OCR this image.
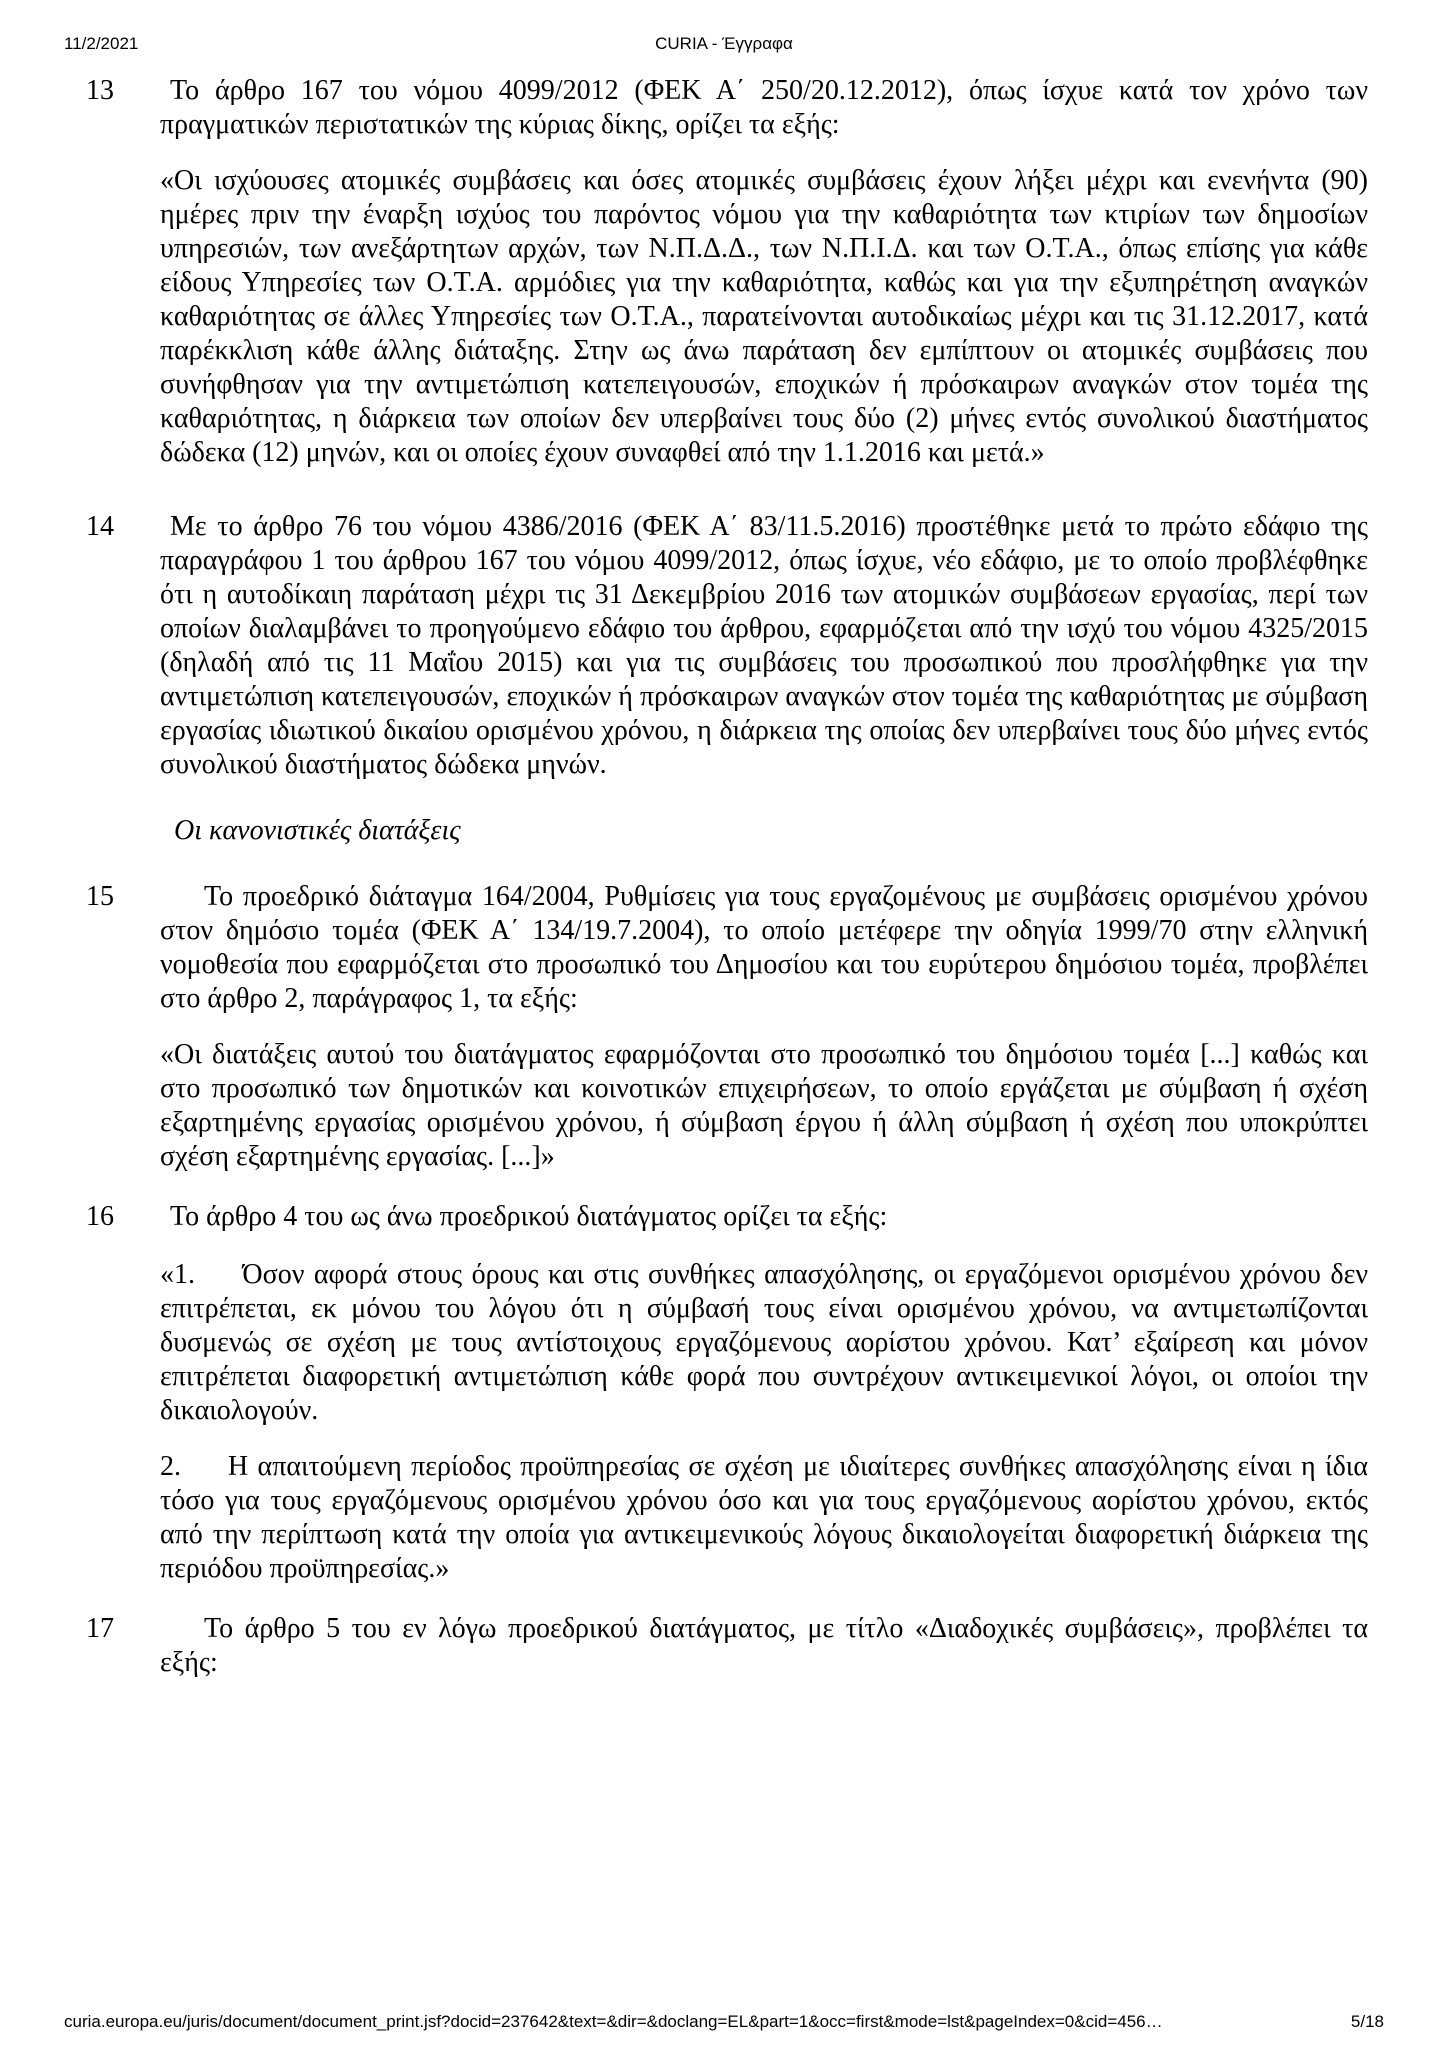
11/2/2021	CURIA - Έγγραφα
13	Το άρθρο 167 του νόμου 4099/2012 (ΦΕΚ Α΄ 250/20.12.2012), όπως ίσχυε κατά τον χρόνο των πραγματικών περιστατικών της κύριας δίκης, ορίζει τα εξής:
«Οι ισχύουσες ατομικές συμβάσεις και όσες ατομικές συμβάσεις έχουν λήξει μέχρι και ενενήντα (90) ημέρες πριν την έναρξη ισχύος του παρόντος νόμου για την καθαριότητα των κτιρίων των δημοσίων υπηρεσιών, των ανεξάρτητων αρχών, των Ν.Π.Δ.Δ., των Ν.Π.Ι.Δ. και των Ο.Τ.Α., όπως επίσης για κάθε είδους Υπηρεσίες των Ο.Τ.Α. αρμόδιες για την καθαριότητα, καθώς και για την εξυπηρέτηση αναγκών καθαριότητας σε άλλες Υπηρεσίες των Ο.Τ.Α., παρατείνονται αυτοδικαίως μέχρι και τις 31.12.2017, κατά παρέκκλιση κάθε άλλης διάταξης. Στην ως άνω παράταση δεν εμπίπτουν οι ατομικές συμβάσεις που συνήφθησαν για την αντιμετώπιση κατεπειγουσών, εποχικών ή πρόσκαιρων αναγκών στον τομέα της καθαριότητας, η διάρκεια των οποίων δεν υπερβαίνει τους δύο (2) μήνες εντός συνολικού διαστήματος δώδεκα (12) μηνών, και οι οποίες έχουν συναφθεί από την 1.1.2016 και μετά.»
14	Με το άρθρο 76 του νόμου 4386/2016 (ΦΕΚ Α΄ 83/11.5.2016) προστέθηκε μετά το πρώτο εδάφιο της παραγράφου 1 του άρθρου 167 του νόμου 4099/2012, όπως ίσχυε, νέο εδάφιο, με το οποίο προβλέφθηκε ότι η αυτοδίκαιη παράταση μέχρι τις 31 Δεκεμβρίου 2016 των ατομικών συμβάσεων εργασίας, περί των οποίων διαλαμβάνει το προηγούμενο εδάφιο του άρθρου, εφαρμόζεται από την ισχύ του νόμου 4325/2015 (δηλαδή από τις 11 Μαΐου 2015) και για τις συμβάσεις του προσωπικού που προσλήφθηκε για την αντιμετώπιση κατεπειγουσών, εποχικών ή πρόσκαιρων αναγκών στον τομέα της καθαριότητας με σύμβαση εργασίας ιδιωτικού δικαίου ορισμένου χρόνου, η διάρκεια της οποίας δεν υπερβαίνει τους δύο μήνες εντός συνολικού διαστήματος δώδεκα μηνών.
Οι κανονιστικές διατάξεις
15	Το προεδρικό διάταγμα 164/2004, Ρυθμίσεις για τους εργαζομένους με συμβάσεις ορισμένου χρόνου στον δημόσιο τομέα (ΦΕΚ Α΄ 134/19.7.2004), το οποίο μετέφερε την οδηγία 1999/70 στην ελληνική νομοθεσία που εφαρμόζεται στο προσωπικό του Δημοσίου και του ευρύτερου δημόσιου τομέα, προβλέπει στο άρθρο 2, παράγραφος 1, τα εξής:
«Οι διατάξεις αυτού του διατάγματος εφαρμόζονται στο προσωπικό του δημόσιου τομέα [...] καθώς και στο προσωπικό των δημοτικών και κοινοτικών επιχειρήσεων, το οποίο εργάζεται με σύμβαση ή σχέση εξαρτημένης εργασίας ορισμένου χρόνου, ή σύμβαση έργου ή άλλη σύμβαση ή σχέση που υποκρύπτει σχέση εξαρτημένης εργασίας. [...]»
16	Το άρθρο 4 του ως άνω προεδρικού διατάγματος ορίζει τα εξής:
«1.     Όσον αφορά στους όρους και στις συνθήκες απασχόλησης, οι εργαζόμενοι ορισμένου χρόνου δεν επιτρέπεται, εκ μόνου του λόγου ότι η σύμβασή τους είναι ορισμένου χρόνου, να αντιμετωπίζονται δυσμενώς σε σχέση με τους αντίστοιχους εργαζόμενους αορίστου χρόνου. Κατ’ εξαίρεση και μόνον επιτρέπεται διαφορετική αντιμετώπιση κάθε φορά που συντρέχουν αντικειμενικοί λόγοι, οι οποίοι την δικαιολογούν.
2.     Η απαιτούμενη περίοδος προϋπηρεσίας σε σχέση με ιδιαίτερες συνθήκες απασχόλησης είναι η ίδια τόσο για τους εργαζόμενους ορισμένου χρόνου όσο και για τους εργαζόμενους αορίστου χρόνου, εκτός από την περίπτωση κατά την οποία για αντικειμενικούς λόγους δικαιολογείται διαφορετική διάρκεια της περιόδου προϋπηρεσίας.»
17	Το άρθρο 5 του εν λόγω προεδρικού διατάγματος, με τίτλο «Διαδοχικές συμβάσεις», προβλέπει τα εξής:
curia.europa.eu/juris/document/document_print.jsf?docid=237642&text=&dir=&doclang=EL&part=1&occ=first&mode=lst&pageIndex=0&cid=456…	5/18
